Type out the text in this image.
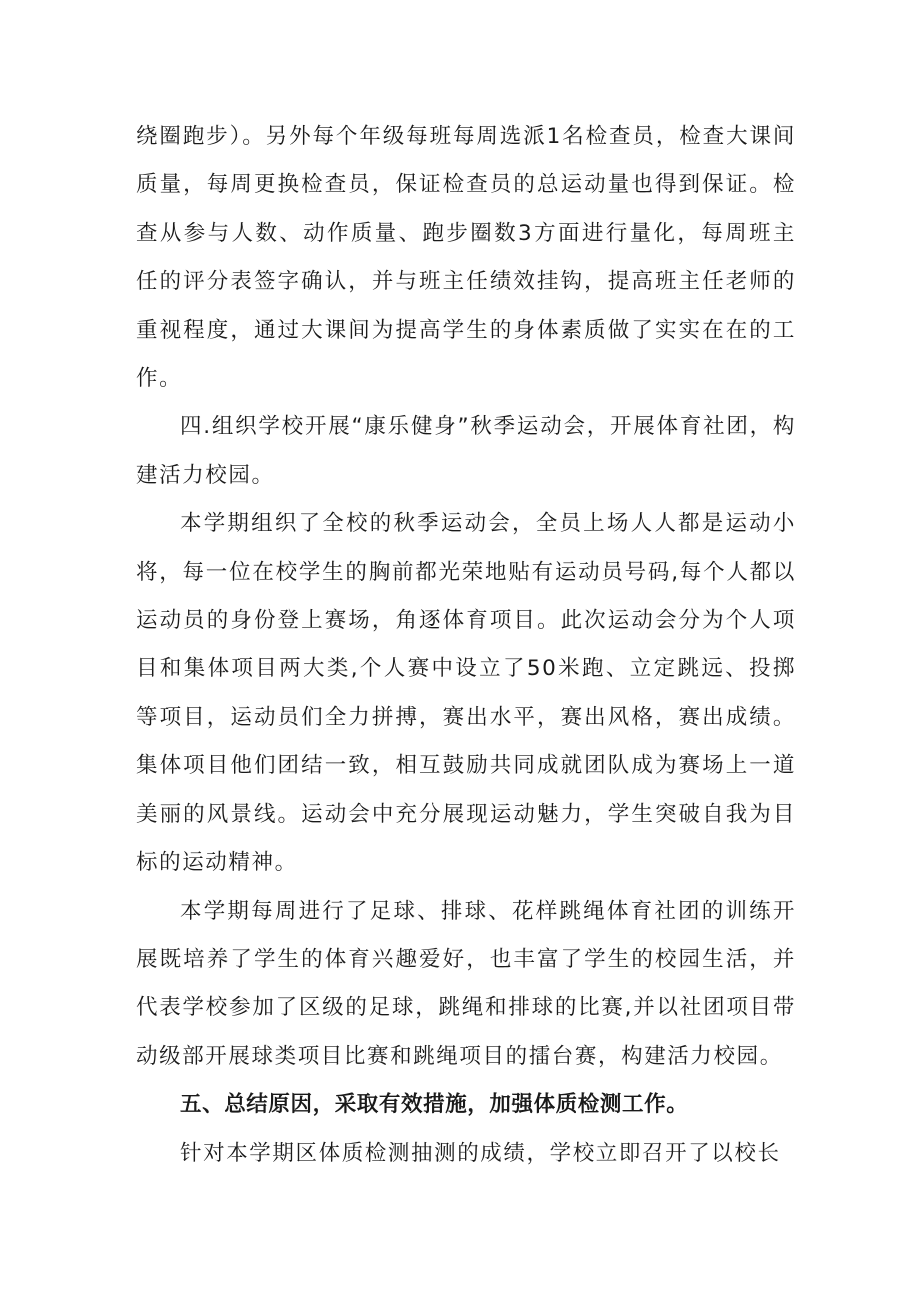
绕圈跑步）。另外每个年级每班每周选派1名检查员，检查大课间质量，每周更换检查员，保证检查员的总运动量也得到保证。检查从参与人数、动作质量、跑步圈数3方面进行量化，每周班主任的评分表签字确认，并与班主任绩效挂钩，提高班主任老师的重视程度，通过大课间为提高学生的身体素质做了实实在在的工作。

四.组织学校开展“康乐健身”秋季运动会，开展体育社团，构建活力校园。

本学期组织了全校的秋季运动会，全员上场人人都是运动小将，每一位在校学生的胸前都光荣地贴有运动员号码,每个人都以运动员的身份登上赛场，角逐体育项目。此次运动会分为个人项目和集体项目两大类,个人赛中设立了50米跑、立定跳远、投掷等项目，运动员们全力拼搏，赛出水平，赛出风格，赛出成绩。集体项目他们团结一致，相互鼓励共同成就团队成为赛场上一道美丽的风景线。运动会中充分展现运动魅力，学生突破自我为目标的运动精神。

本学期每周进行了足球、排球、花样跳绳体育社团的训练开展既培养了学生的体育兴趣爱好，也丰富了学生的校园生活，并代表学校参加了区级的足球，跳绳和排球的比赛,并以社团项目带动级部开展球类项目比赛和跳绳项目的擂台赛，构建活力校园。

五、总结原因，采取有效措施，加强体质检测工作。

针对本学期区体质检测抽测的成绩，学校立即召开了以校长
